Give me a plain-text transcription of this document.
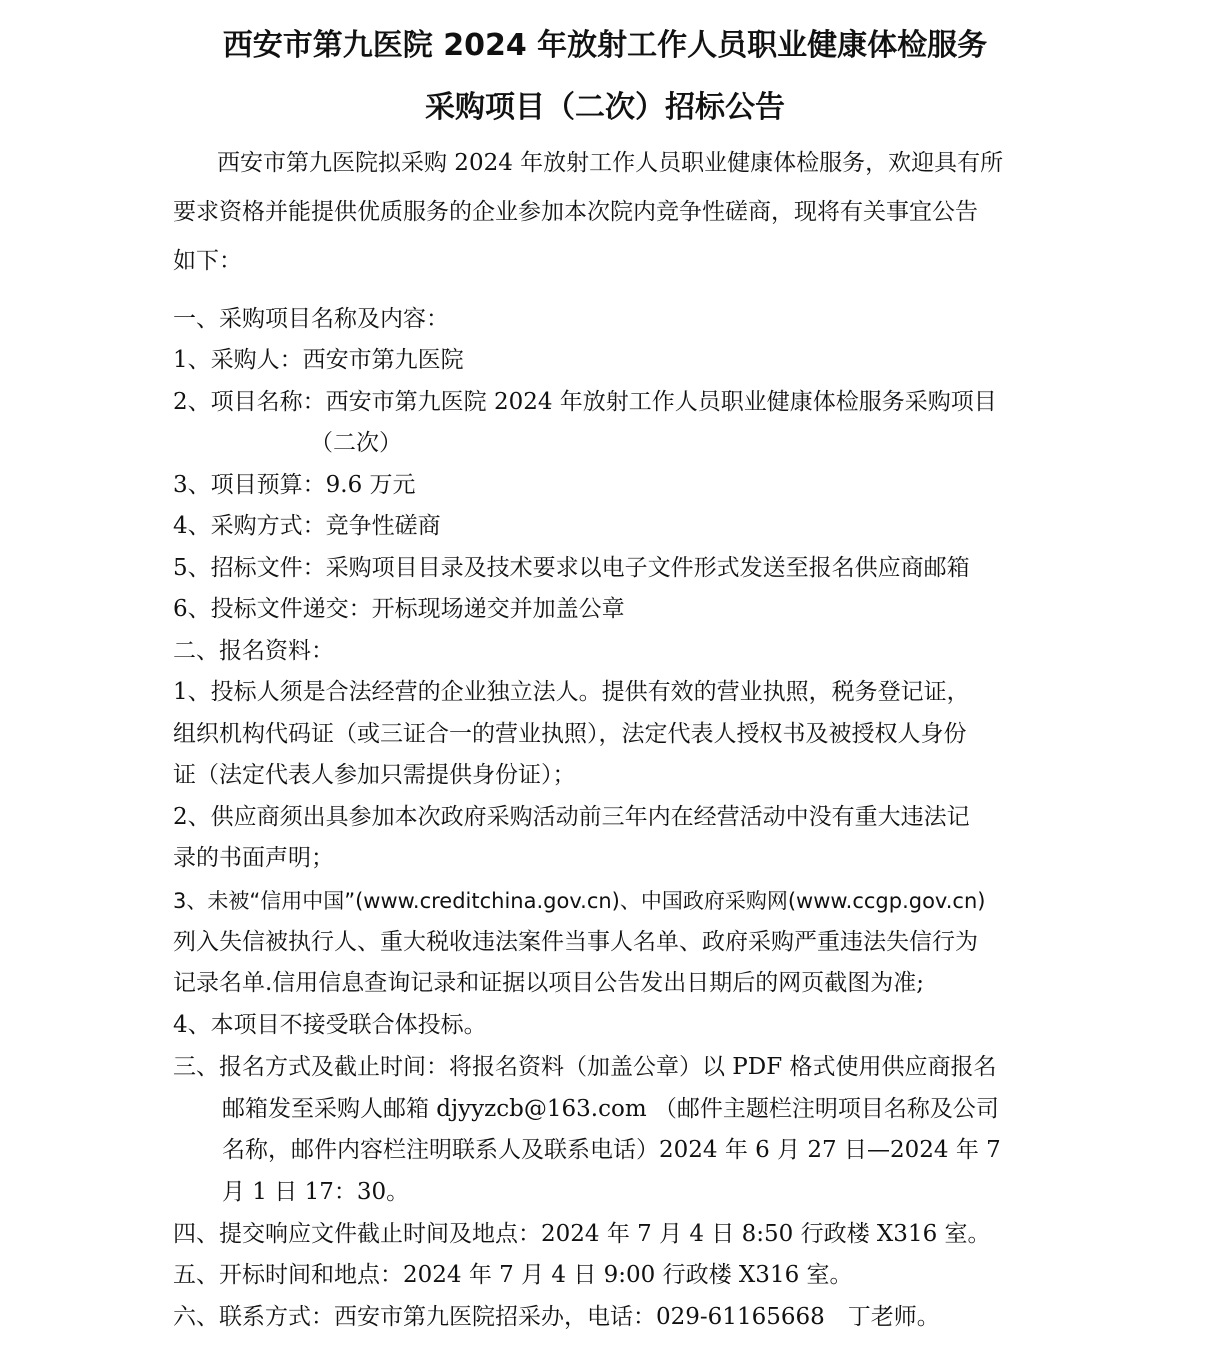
西安市第九医院 2024 年放射工作人员职业健康体检服务
采购项目（二次）招标公告

西安市第九医院拟采购 2024 年放射工作人员职业健康体检服务，欢迎具有所

要求资格并能提供优质服务的企业参加本次院内竞争性磋商，现将有关事宜公告

如下：

一、采购项目名称及内容：

1、采购人：西安市第九医院

2、项目名称：西安市第九医院 2024 年放射工作人员职业健康体检服务采购项目

（二次）

3、项目预算：9.6 万元

4、采购方式：竞争性磋商

5、招标文件：采购项目目录及技术要求以电子文件形式发送至报名供应商邮箱

6、投标文件递交：开标现场递交并加盖公章

二、报名资料：

1、投标人须是合法经营的企业独立法人。提供有效的营业执照，税务登记证，

组织机构代码证（或三证合一的营业执照），法定代表人授权书及被授权人身份

证（法定代表人参加只需提供身份证）；

2、供应商须出具参加本次政府采购活动前三年内在经营活动中没有重大违法记

录的书面声明；

3、未被“信用中国”(www.creditchina.gov.cn)、中国政府采购网(www.ccgp.gov.cn)

列入失信被执行人、重大税收违法案件当事人名单、政府采购严重违法失信行为

记录名单.信用信息查询记录和证据以项目公告发出日期后的网页截图为准;

4、本项目不接受联合体投标。

三、报名方式及截止时间：将报名资料（加盖公章）以 PDF 格式使用供应商报名

邮箱发至采购人邮箱 djyyzcb@163.com （邮件主题栏注明项目名称及公司

名称，邮件内容栏注明联系人及联系电话）2024 年 6 月 27 日—2024 年 7

月 1 日 17：30。

四、提交响应文件截止时间及地点：2024 年 7 月 4 日 8:50 行政楼 X316 室。

五、开标时间和地点：2024 年 7 月 4 日 9:00 行政楼 X316 室。

六、联系方式：西安市第九医院招采办，电话：029-61165668　丁老师。
